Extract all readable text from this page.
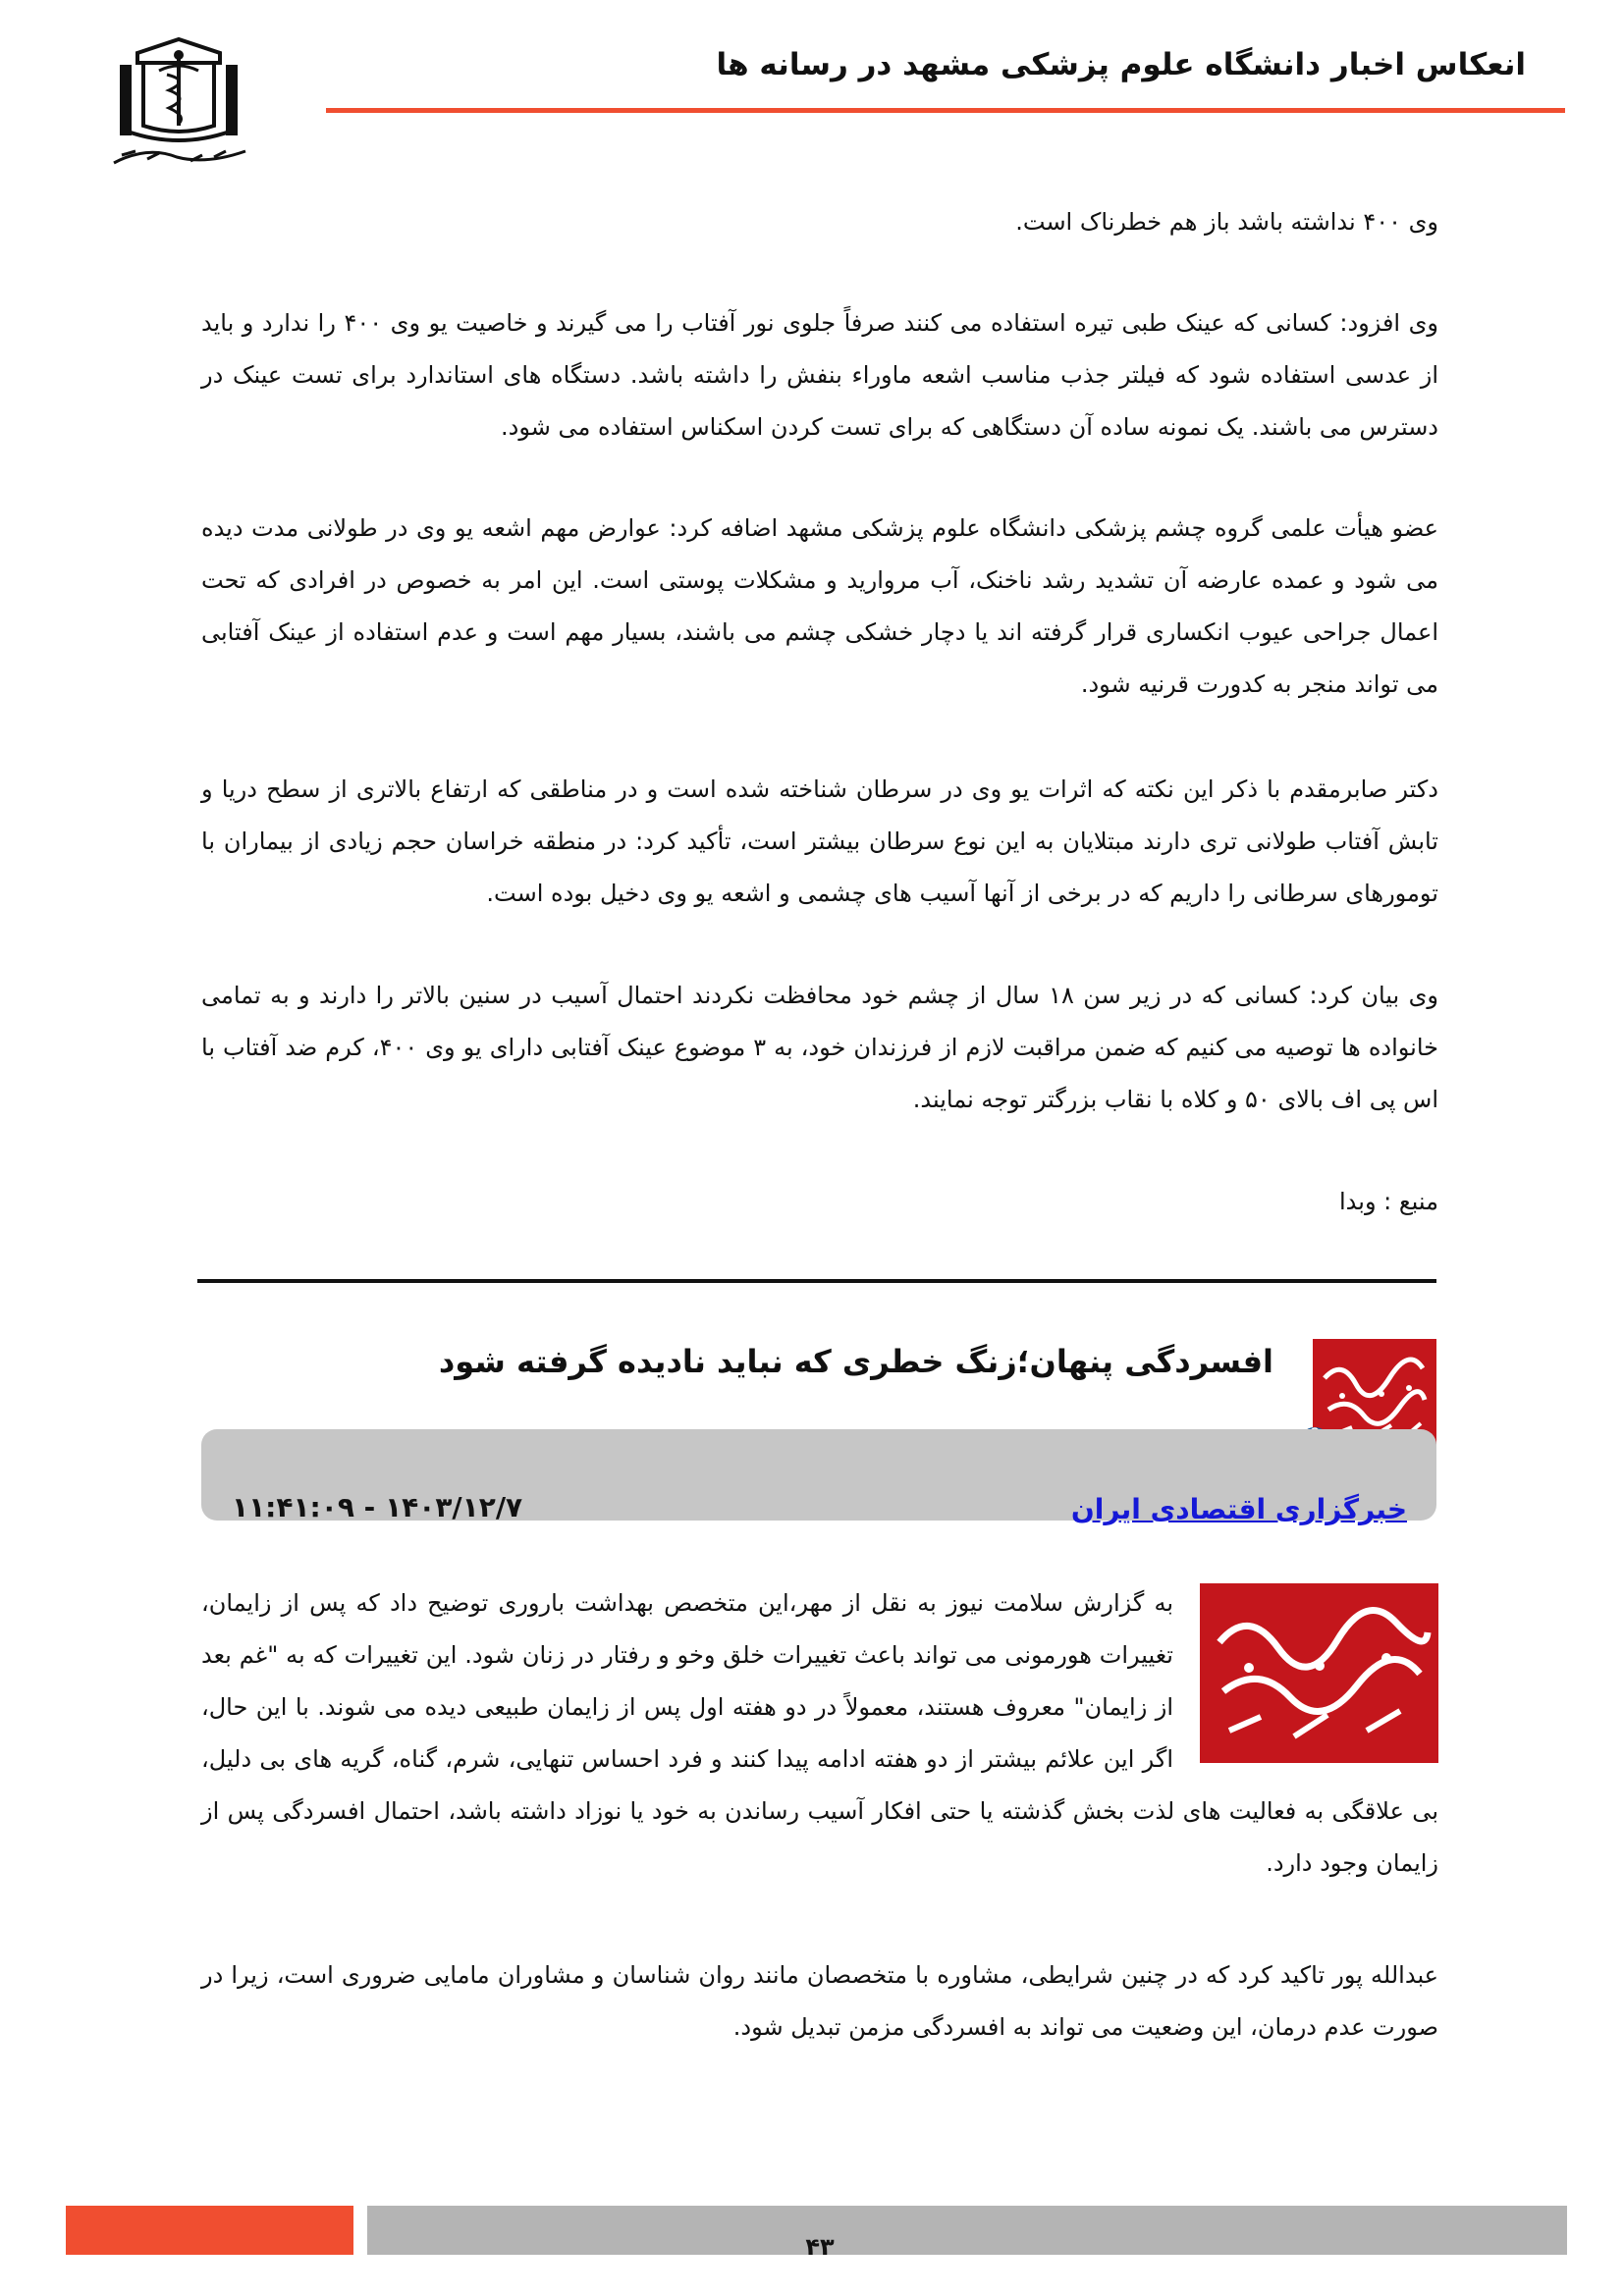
انعکاس اخبار دانشگاه علوم پزشکی مشهد در رسانه ها

وی ۴۰۰ نداشته باشد باز هم خطرناک است.

وی افزود: کسانی که عینک طبی تیره استفاده می کنند صرفاً جلوی نور آفتاب را می گیرند و خاصیت یو وی ۴۰۰ را ندارد و باید از عدسی استفاده شود که فیلتر جذب مناسب اشعه ماوراء بنفش را داشته باشد. دستگاه های استاندارد برای تست عینک در دسترس می باشند. یک نمونه ساده آن دستگاهی که برای تست کردن اسکناس استفاده می شود.

عضو هیأت علمی گروه چشم پزشکی دانشگاه علوم پزشکی مشهد اضافه کرد: عوارض مهم اشعه یو وی در طولانی مدت دیده می شود و عمده عارضه آن تشدید رشد ناخنک، آب مروارید و مشکلات پوستی است. این امر به خصوص در افرادی که تحت اعمال جراحی عیوب انکساری قرار گرفته اند یا دچار خشکی چشم می باشند، بسیار مهم است و عدم استفاده از عینک آفتابی می تواند منجر به کدورت قرنیه شود.

دکتر صابرمقدم با ذکر این نکته که اثرات یو وی در سرطان شناخته شده است و در مناطقی که ارتفاع بالاتری از سطح دریا و تابش آفتاب طولانی تری دارند مبتلایان به این نوع سرطان بیشتر است، تأکید کرد: در منطقه خراسان حجم زیادی از بیماران با تومورهای سرطانی را داریم که در برخی از آنها آسیب های چشمی و اشعه یو وی دخیل بوده است.

وی بیان کرد: کسانی که در زیر سن ۱۸ سال از چشم خود محافظت نکردند احتمال آسیب در سنین بالاتر را دارند و به تمامی خانواده ها توصیه می کنیم که ضمن مراقبت لازم از فرزندان خود، به ۳ موضوع عینک آفتابی دارای یو وی ۴۰۰، کرم ضد آفتاب با اس پی اف بالای ۵۰ و کلاه با نقاب بزرگتر توجه نمایند.

منبع : وبدا

افسردگی پنهان؛زنگ خطری که نباید نادیده گرفته شود
خبرگزاری اقتصادی ایران
۱۴۰۳/۱۲/۷ - ۱۱:۴۱:۰۹

به گزارش سلامت نیوز به نقل از مهر،این متخصص بهداشت باروری توضیح داد که پس از زایمان، تغییرات هورمونی می تواند باعث تغییرات خلق وخو و رفتار در زنان شود. این تغییرات که به "غم بعد از زایمان" معروف هستند، معمولاً در دو هفته اول پس از زایمان طبیعی دیده می شوند. با این حال، اگر این علائم بیشتر از دو هفته ادامه پیدا کنند و فرد احساس تنهایی، شرم، گناه، گریه های بی دلیل، بی علاقگی به فعالیت های لذت بخش گذشته یا حتی افکار آسیب رساندن به خود یا نوزاد داشته باشد، احتمال افسردگی پس از زایمان وجود دارد.

عبدالله پور تاکید کرد که در چنین شرایطی، مشاوره با متخصصان مانند روان شناسان و مشاوران مامایی ضروری است، زیرا در صورت عدم درمان، این وضعیت می تواند به افسردگی مزمن تبدیل شود.

۴۳
